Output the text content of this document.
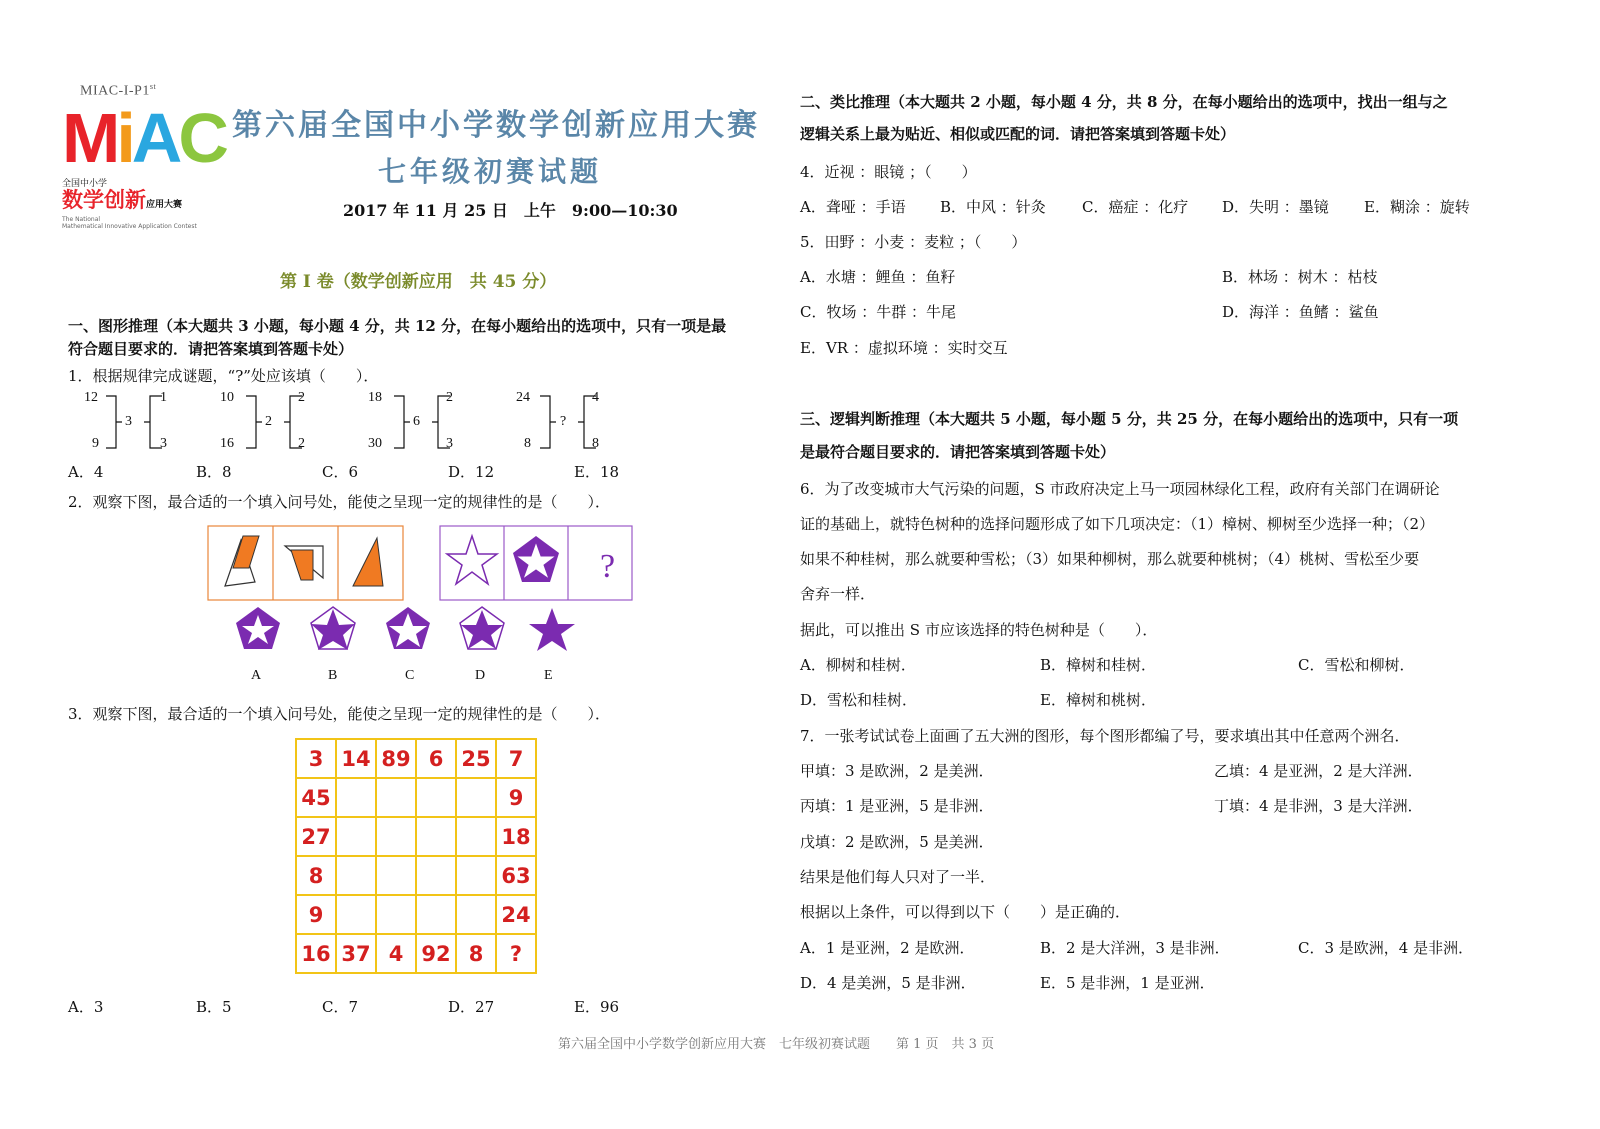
MIAC-I-P1st
MiAC
全国中小学
数学创新应用大赛
The National
Mathematical Innovative Application Contest
第六届全国中小学数学创新应用大赛
七年级初赛试题
2017 年 11 月 25 日　上午　9:00—10:30
第 I 卷（数学创新应用　共 45 分）
一、图形推理（本大题共 3 小题，每小题 4 分，共 12 分，在每小题给出的选项中，只有一项是最
符合题目要求的．请把答案填到答题卡处）
1．根据规律完成谜题，“?”处应该填（　　）．
12
9
3
1
3
10
16
2
2
2
18
30
6
2
3
24
8
?
4
8
A．4	B．8	C．6	D．12	E．18
2．观察下图，最合适的一个填入问号处，能使之呈现一定的规律性的是（　　）．
?
A	B	C	D	E
3．观察下图，最合适的一个填入问号处，能使之呈现一定的规律性的是（　　）．
3	14	89	6	25	7
45					9
27					18
8					63
9					24
16	37	4	92	8	?
A．3	B．5	C．7	D．27	E．96
二、类比推理（本大题共 2 小题，每小题 4 分，共 8 分，在每小题给出的选项中，找出一组与之
逻辑关系上最为贴近、相似或匹配的词．请把答案填到答题卡处）
4．近视 ：眼镜 ；（　　）
A．聋哑 ：手语 B．中风 ：针灸 C．癌症 ：化疗 D．失明 ：墨镜 E．糊涂 ：旋转
5．田野 ：小麦 ：麦粒 ；（　　）
A．水塘 ：鲤鱼 ：鱼籽	B．林场 ：树木 ：枯枝
C．牧场 ：牛群 ：牛尾	D．海洋 ：鱼鳍 ：鲨鱼
E．VR ：虚拟环境 ：实时交互
三、逻辑判断推理（本大题共 5 小题，每小题 5 分，共 25 分，在每小题给出的选项中，只有一项
是最符合题目要求的．请把答案填到答题卡处）
6．为了改变城市大气污染的问题，S 市政府决定上马一项园林绿化工程，政府有关部门在调研论
证的基础上，就特色树种的选择问题形成了如下几项决定：（1）樟树、柳树至少选择一种；（2）
如果不种桂树，那么就要种雪松；（3）如果种柳树，那么就要种桃树；（4）桃树、雪松至少要
舍弃一样．
据此，可以推出 S 市应该选择的特色树种是（　　）．
A．柳树和桂树．	B．樟树和桂树．	C．雪松和柳树．
D．雪松和桂树．	E．樟树和桃树．
7．一张考试试卷上面画了五大洲的图形，每个图形都编了号，要求填出其中任意两个洲名．
甲填：3 是欧洲，2 是美洲．	乙填：4 是亚洲，2 是大洋洲．
丙填：1 是亚洲，5 是非洲．	丁填：4 是非洲，3 是大洋洲．
戊填：2 是欧洲，5 是美洲．
结果是他们每人只对了一半．
根据以上条件，可以得到以下（　　）是正确的．
A．1 是亚洲，2 是欧洲．	B．2 是大洋洲，3 是非洲．	C．3 是欧洲，4 是非洲．
D．4 是美洲，5 是非洲．	E．5 是非洲，1 是亚洲．
第六届全国中小学数学创新应用大赛　七年级初赛试题　　第 1 页　共 3 页
